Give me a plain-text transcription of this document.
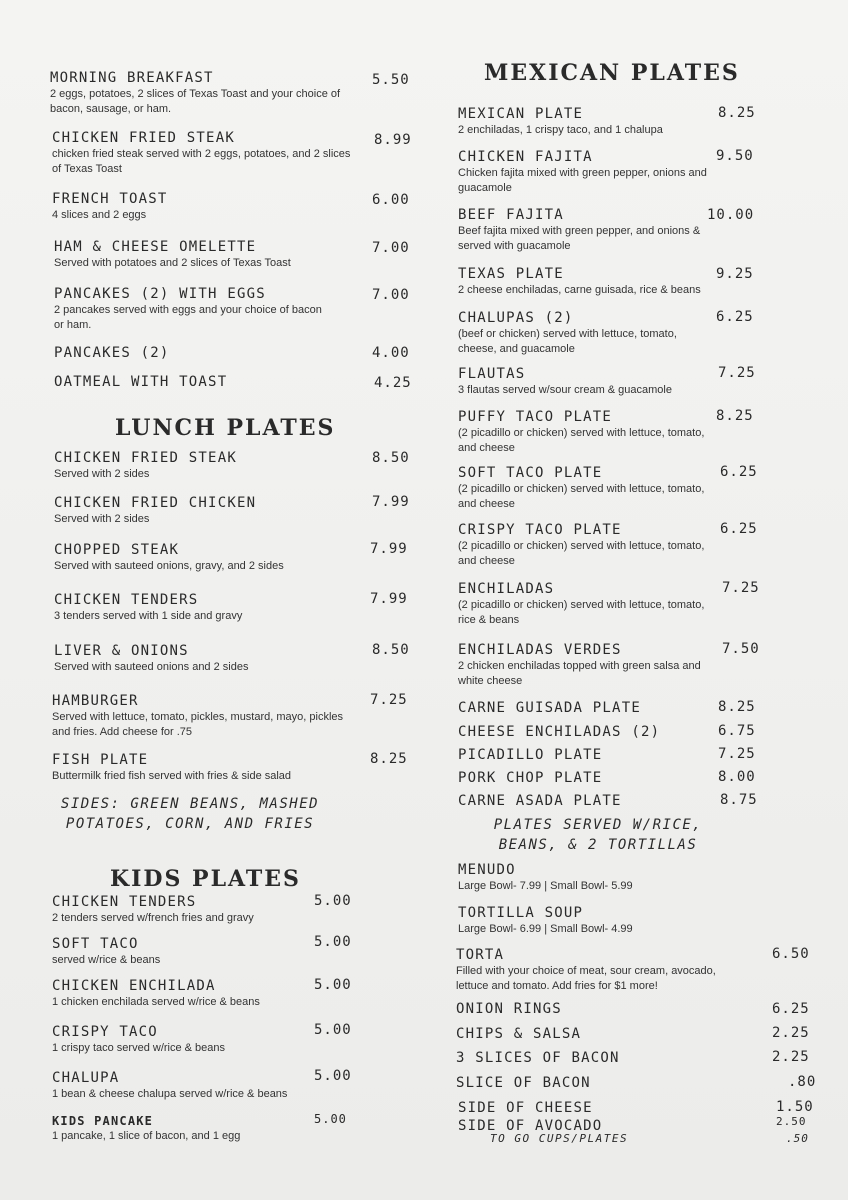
MORNING BREAKFAST
2 eggs, potatoes, 2 slices of Texas Toast and your choice of bacon, sausage, or ham.
5.50
CHICKEN FRIED STEAK
chicken fried steak served with 2 eggs, potatoes, and 2 slices of Texas Toast
8.99
FRENCH TOAST
4 slices and 2 eggs
6.00
HAM & CHEESE OMELETTE
Served with potatoes and 2 slices of Texas Toast
7.00
PANCAKES (2) WITH EGGS
2 pancakes served with eggs and your choice of bacon or ham.
7.00
PANCAKES (2)	4.00
OATMEAL WITH TOAST	4.25
LUNCH PLATES
CHICKEN FRIED STEAK
Served with 2 sides
8.50
CHICKEN FRIED CHICKEN
Served with 2 sides
7.99
CHOPPED STEAK
Served with sauteed onions, gravy, and 2 sides
7.99
CHICKEN TENDERS
3 tenders served with 1 side and gravy
7.99
LIVER & ONIONS
Served with sauteed onions and 2 sides
8.50
HAMBURGER
Served with lettuce, tomato, pickles, mustard, mayo, pickles and fries. Add cheese for .75
7.25
FISH PLATE
Buttermilk fried fish served with fries & side salad
8.25
SIDES: GREEN BEANS, MASHED POTATOES, CORN, AND FRIES
KIDS PLATES
CHICKEN TENDERS
2 tenders served w/french fries and gravy
5.00
SOFT TACO
served w/rice & beans
5.00
CHICKEN ENCHILADA
1 chicken enchilada served w/rice & beans
5.00
CRISPY TACO
1 crispy taco served w/rice & beans
5.00
CHALUPA
1 bean & cheese chalupa served w/rice & beans
5.00
KIDS PANCAKE
1 pancake, 1 slice of bacon, and 1 egg
5.00
MEXICAN PLATES
MEXICAN PLATE
2 enchiladas, 1 crispy taco, and 1 chalupa
8.25
CHICKEN FAJITA
Chicken fajita mixed with green pepper, onions and guacamole
9.50
BEEF FAJITA
Beef fajita mixed with green pepper, and onions & served with guacamole
10.00
TEXAS PLATE
2 cheese enchiladas, carne guisada, rice & beans
9.25
CHALUPAS (2)
(beef or chicken) served with lettuce, tomato, cheese, and guacamole
6.25
FLAUTAS
3 flautas served w/sour cream & guacamole
7.25
PUFFY TACO PLATE
(2 picadillo or chicken) served with lettuce, tomato, and cheese
8.25
SOFT TACO PLATE
(2 picadillo or chicken) served with lettuce, tomato, and cheese
6.25
CRISPY TACO PLATE
(2 picadillo or chicken) served with lettuce, tomato, and cheese
6.25
ENCHILADAS
(2 picadillo or chicken) served with lettuce, tomato, rice & beans
7.25
ENCHILADAS VERDES
2 chicken enchiladas topped with green salsa and white cheese
7.50
CARNE GUISADA PLATE	8.25
CHEESE ENCHILADAS (2)	6.75
PICADILLO PLATE	7.25
PORK CHOP PLATE	8.00
CARNE ASADA PLATE	8.75
PLATES SERVED W/RICE, BEANS, & 2 TORTILLAS
MENUDO
Large Bowl- 7.99 | Small Bowl- 5.99
TORTILLA SOUP
Large Bowl- 6.99 | Small Bowl- 4.99
TORTA
Filled with your choice of meat, sour cream, avocado, lettuce and tomato. Add fries for $1 more!
6.50
ONION RINGS	6.25
CHIPS & SALSA	2.25
3 SLICES OF BACON	2.25
SLICE OF BACON	.80
SIDE OF CHEESE	1.50
SIDE OF AVOCADO	2.50
TO GO CUPS/PLATES	.50
